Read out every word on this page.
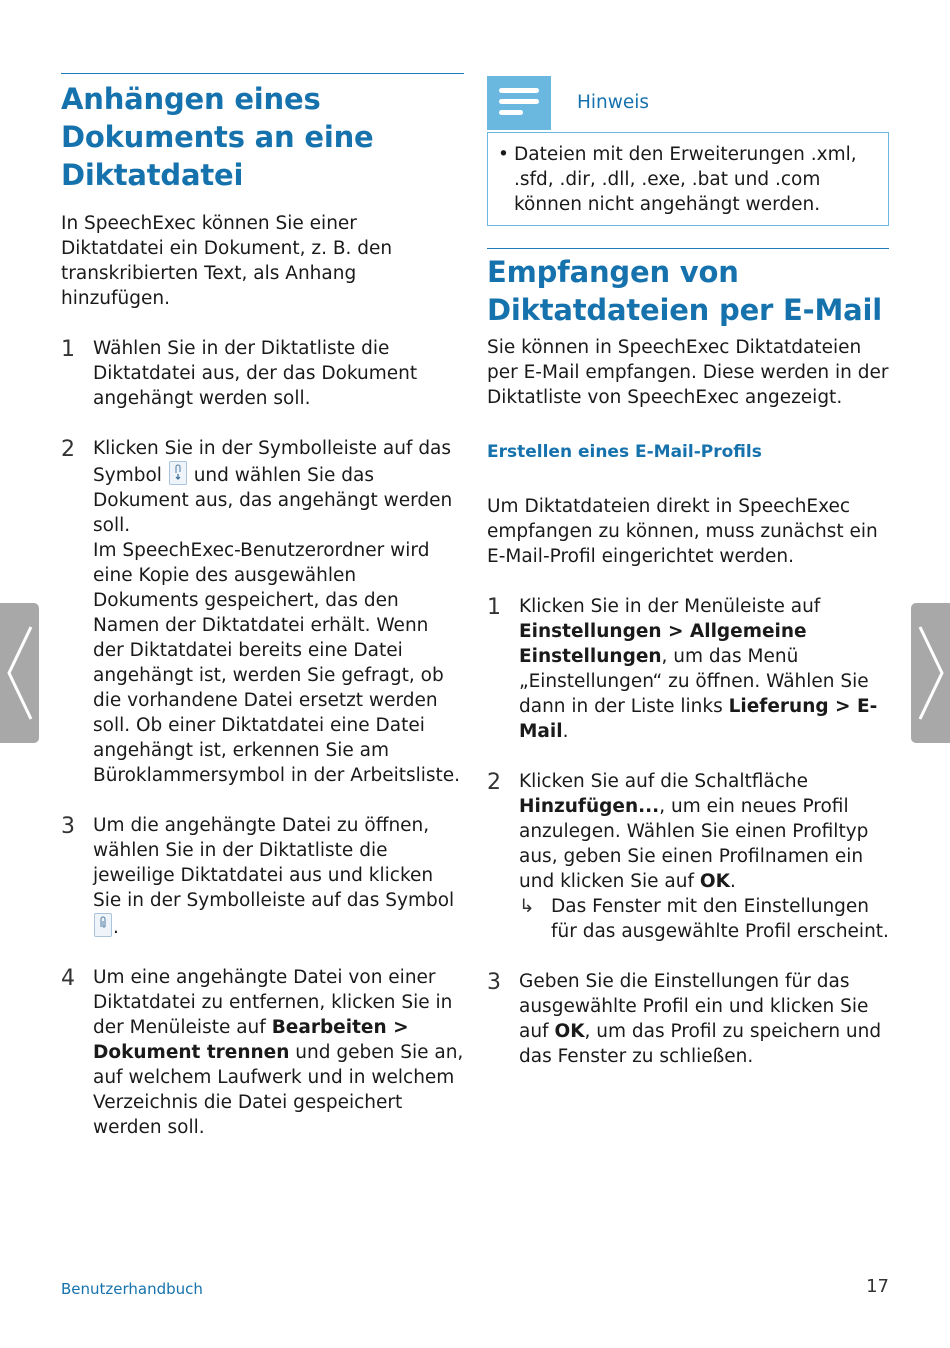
Anhängen eines Dokuments an eine Diktatdatei

In SpeechExec können Sie einer Diktatdatei ein Dokument, z. B. den transkribierten Text, als Anhang hinzufügen.

1 Wählen Sie in der Diktatliste die Diktatdatei aus, der das Dokument angehängt werden soll.
2 Klicken Sie in der Symbolleiste auf das Symbol und wählen Sie das Dokument aus, das angehängt werden soll.
Im SpeechExec-Benutzerordner wird eine Kopie des ausgewählen Dokuments gespeichert, das den Namen der Diktatdatei erhält. Wenn der Diktatdatei bereits eine Datei angehängt ist, werden Sie gefragt, ob die vorhandene Datei ersetzt werden soll. Ob einer Diktatdatei eine Datei angehängt ist, erkennen Sie am Büroklammersymbol in der Arbeitsliste.
3 Um die angehängte Datei zu öffnen, wählen Sie in der Diktatliste die jeweilige Diktatdatei aus und klicken Sie in der Symbolleiste auf das Symbol
.
4 Um eine angehängte Datei von einer Diktatdatei zu entfernen, klicken Sie in der Menüleiste auf Bearbeiten > Dokument trennen und geben Sie an, auf welchem Laufwerk und in welchem Verzeichnis die Datei gespeichert werden soll.
Hinweis
• Dateien mit den Erweiterungen .xml, .sfd, .dir, .dll, .exe, .bat und .com können nicht angehängt werden.
Empfangen von Diktatdateien per E-Mail

Sie können in SpeechExec Diktatdateien per E-Mail empfangen. Diese werden in der Diktatliste von SpeechExec angezeigt.

Erstellen eines E-Mail-Profils

Um Diktatdateien direkt in SpeechExec empfangen zu können, muss zunächst ein E-Mail-Profil eingerichtet werden.

1 Klicken Sie in der Menüleiste auf Einstellungen > Allgemeine Einstellungen, um das Menü „Einstellungen“ zu öffnen. Wählen Sie dann in der Liste links Lieferung > E-Mail.
2 Klicken Sie auf die Schaltfläche Hinzufügen..., um ein neues Profil anzulegen. Wählen Sie einen Profiltyp aus, geben Sie einen Profilnamen ein und klicken Sie auf OK.
↳ Das Fenster mit den Einstellungen für das ausgewählte Profil erscheint.
3 Geben Sie die Einstellungen für das ausgewählte Profil ein und klicken Sie auf OK, um das Profil zu speichern und das Fenster zu schließen.
Benutzerhandbuch	17
